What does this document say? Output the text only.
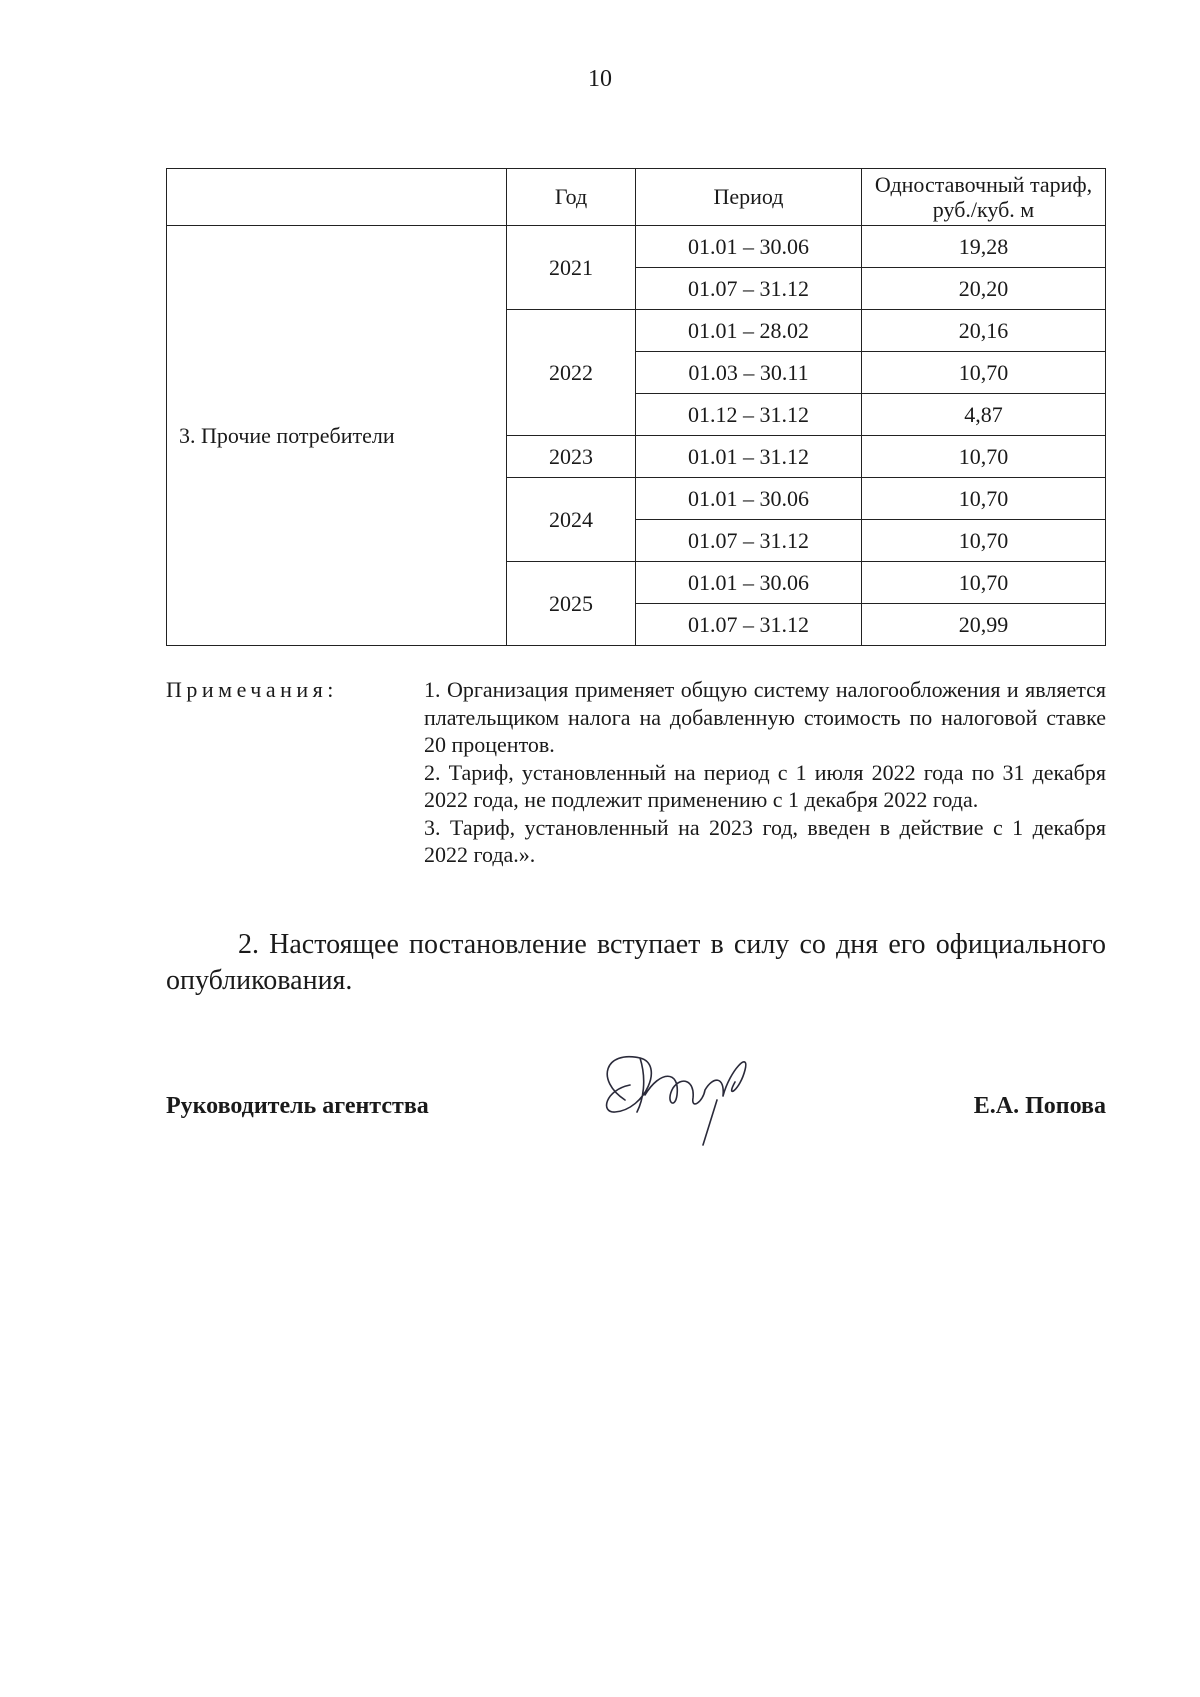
10
	Год	Период	Одноставочный тариф,
руб./куб. м

3. Прочие потребители	2021	01.01 – 30.06	19,28
		01.07 – 31.12	20,20
	2022	01.01 – 28.02	20,16
		01.03 – 30.11	10,70
		01.12 – 31.12	4,87
	2023	01.01 – 31.12	10,70
	2024	01.01 – 30.06	10,70
		01.07 – 31.12	10,70
	2025	01.01 – 30.06	10,70
		01.07 – 31.12	20,99
Примечания:	1. Организация применяет общую систему налогообложения и является плательщиком налога на добавленную стоимость по налоговой ставке 20 процентов.

2. Тариф, установленный на период с 1 июля 2022 года по 31 декабря 2022 года, не подлежит применению с 1 декабря 2022 года.

3. Тариф, установленный на 2023 год, введен в действие с 1 декабря 2022 года.».

2. Настоящее постановление вступает в силу со дня его официального опубликования.
Руководитель агентства	Е.А. Попова
